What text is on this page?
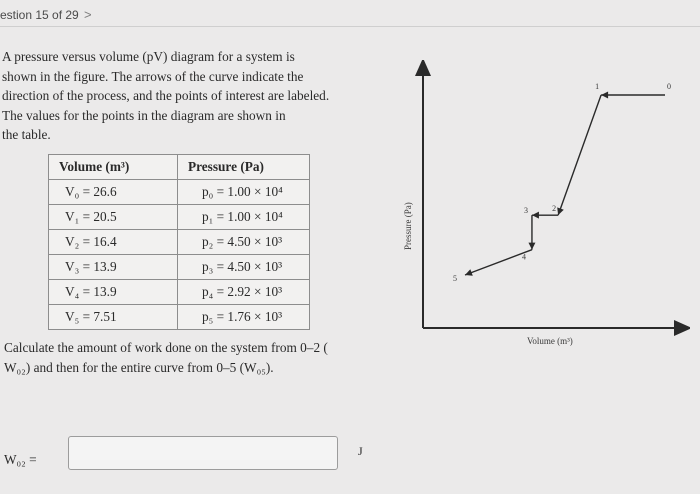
estion 15 of 29 >
A pressure versus volume (pV) diagram for a system is
shown in the figure. The arrows of the curve indicate the
direction of the process, and the points of interest are labeled.
The values for the points in the diagram are shown in
the table.
Volume (m³)	Pressure (Pa)
V₀ = 26.6	p₀ = 1.00 × 10⁴
V₁ = 20.5	p₁ = 1.00 × 10⁴
V₂ = 16.4	p₂ = 4.50 × 10³
V₃ = 13.9	p₃ = 4.50 × 10³
V₄ = 13.9	p₄ = 2.92 × 10³
V₅ = 7.51	p₅ = 1.76 × 10³
Calculate the amount of work done on the system from 0–2 (
W₀₂) and then for the entire curve from 0–5 (W₀₅).
W₀₂ =
J
Pressure (Pa)
Volume (m³)
0
1
2
3
4
5
